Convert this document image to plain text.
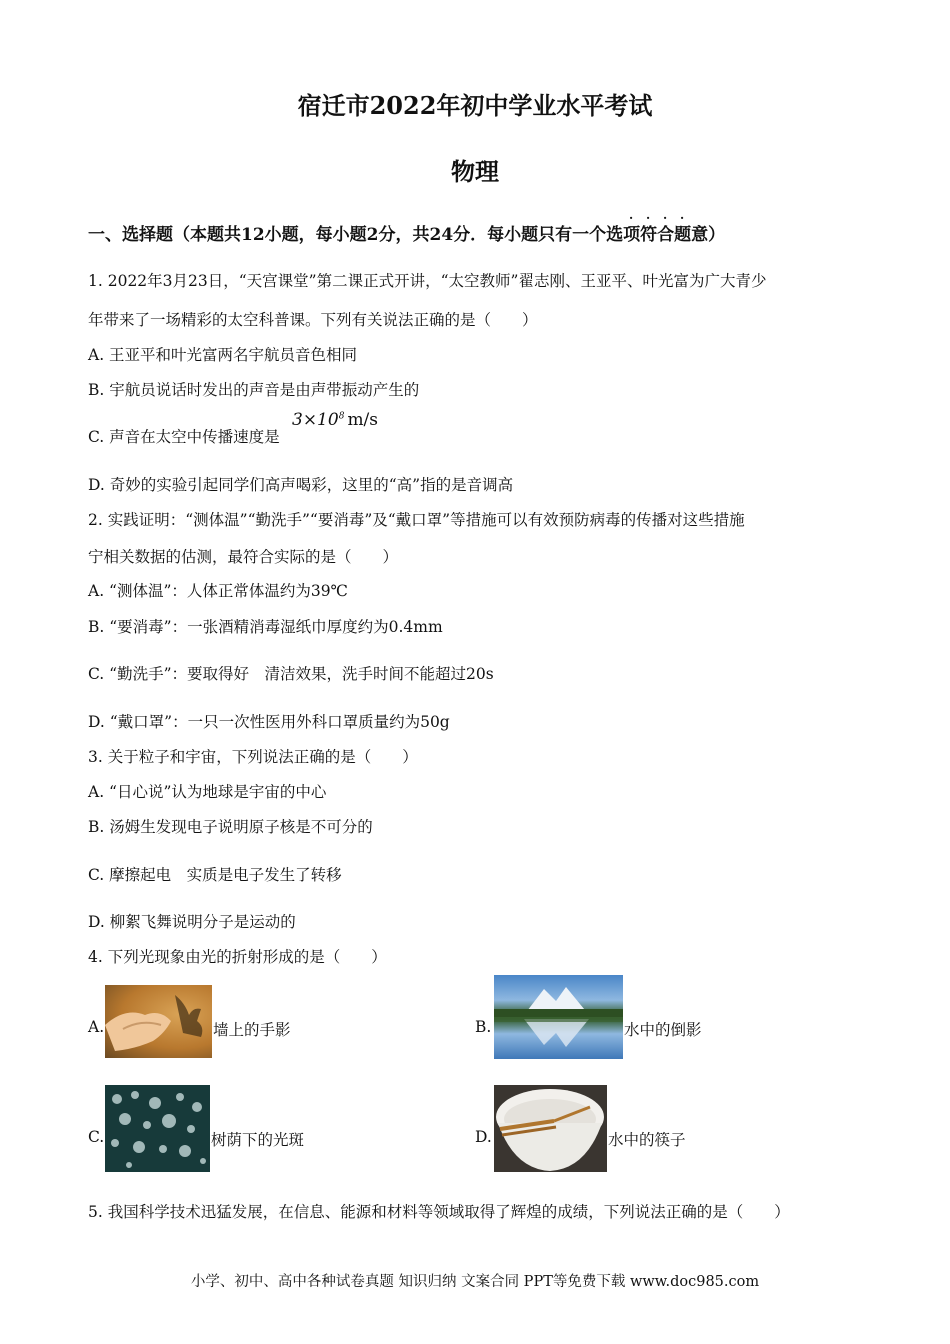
宿迁市2022年初中学业水平考试
物理
· · · ·
一、选择题（本题共12小题，每小题2分，共24分．每小题只有一个选项符合题意）
1. 2022年3月23日，“天宫课堂”第二课正式开讲，“太空教师”翟志刚、王亚平、叶光富为广大青少
年带来了一场精彩的太空科普课。下列有关说法正确的是（　　）
A. 王亚平和叶光富两名宇航员音色相同
B. 宇航员说话时发出的声音是由声带振动产生的
C. 声音在太空中传播速度是
$3\times 10^8$ m/s
D. 奇妙的实验引起同学们高声喝彩，这里的“高”指的是音调高
2. 实践证明：“测体温”“勤洗手”“要消毒”及“戴口罩”等措施可以有效预防病毒的传播对这些措施
宁相关数据的估测，最符合实际的是（　　）
A. “测体温”：人体正常体温约为39℃
B. “要消毒”：一张酒精消毒湿纸巾厚度约为0.4mm
C. “勤洗手”：要取得好　清洁效果，洗手时间不能超过20s
D. “戴口罩”：一只一次性医用外科口罩质量约为50g
3. 关于粒子和宇宙，下列说法正确的是（　　）
A. “日心说”认为地球是宇宙的中心
B. 汤姆生发现电子说明原子核是不可分的
C. 摩擦起电　实质是电子发生了转移
D. 柳絮飞舞说明分子是运动的
4. 下列光现象由光的折射形成的是（　　）
A.	墙上的手影	B.	水中的倒影
C.	树荫下的光斑	D.	水中的筷子
5. 我国科学技术迅猛发展，在信息、能源和材料等领域取得了辉煌的成绩，下列说法正确的是（　　）
小学、初中、高中各种试卷真题 知识归纳 文案合同 PPT等免费下载 www.doc985.com
